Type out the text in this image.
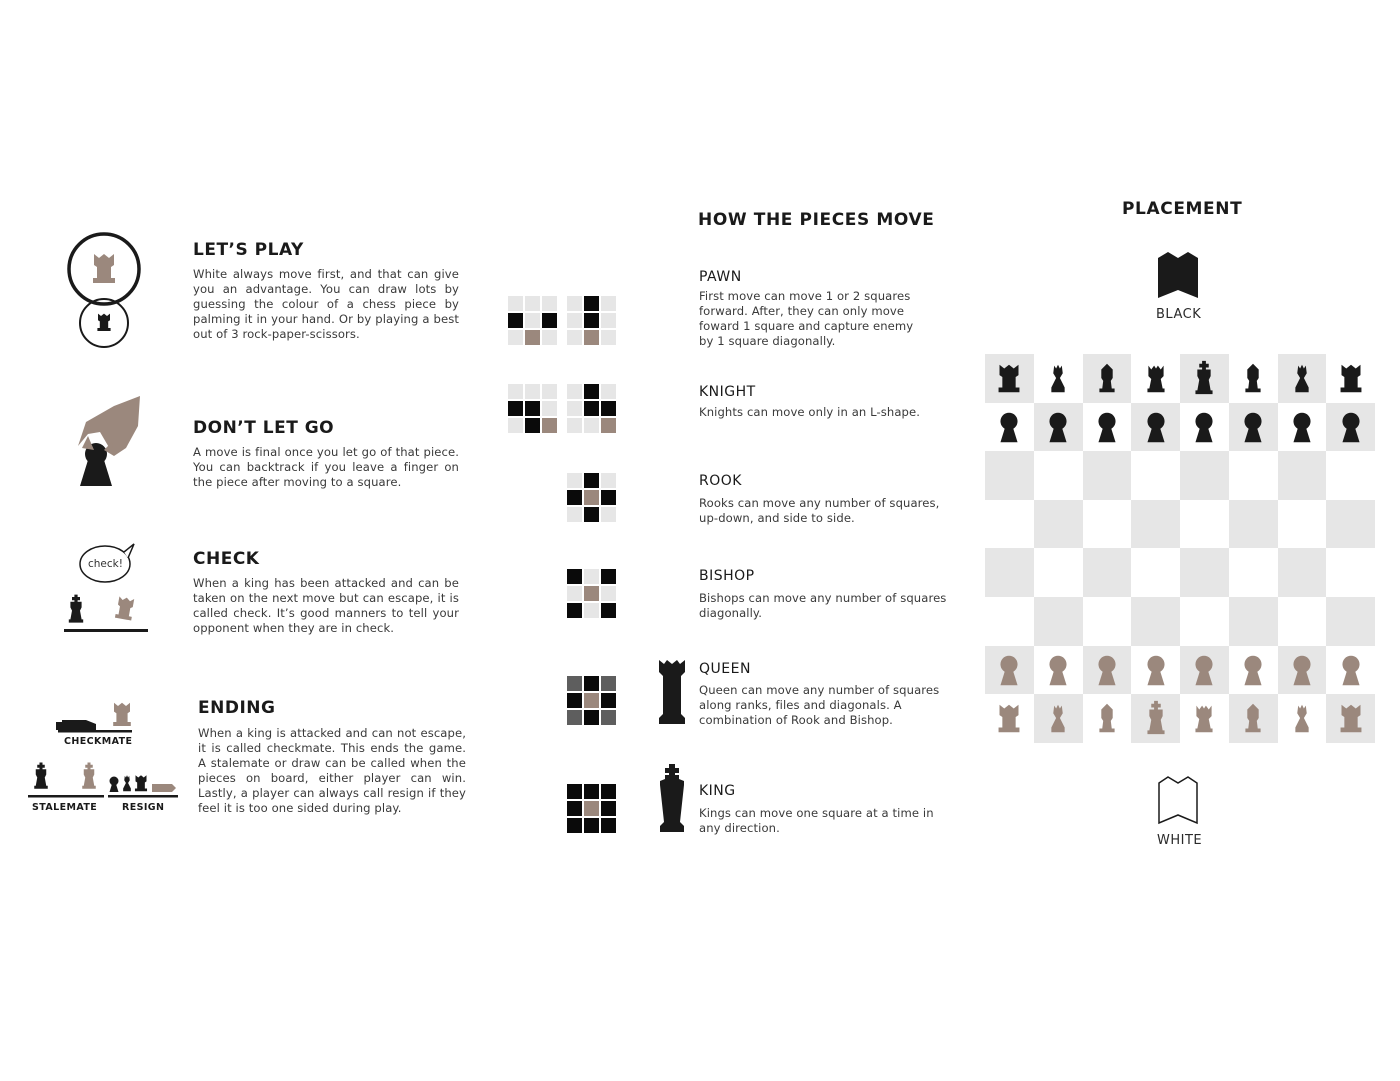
LET’S PLAY
White always move first, and that can give you an advantage. You can draw lots by guessing the colour of a chess piece by palming it in your hand. Or by playing a best out of 3 rock-paper-scissors.
DON’T LET GO
A move is final once you let go of that piece. You can backtrack if you leave a finger on the piece after moving to a square.
check!	CHECK
When a king has been attacked and can be taken on the next move but can escape, it is called check. It’s good manners to tell your opponent when they are in check.
CHECKMATE
STALEMATE	RESIGN
ENDING
When a king is attacked and can not escape, it is called checkmate. This ends the game. A stalemate or draw can be called when the pieces on board, either player can win. Lastly, a player can always call resign if they feel it is too one sided during play.
HOW THE PIECES MOVE
PAWN
First move can move 1 or 2 squares forward. After, they can only move foward 1 square and capture enemy by 1 square diagonally.
KNIGHT
Knights can move only in an L-shape.
ROOK
Rooks can move any number of squares, up-down, and side to side.
BISHOP
Bishops can move any number of squares diagonally.
QUEEN
Queen can move any number of squares along ranks, files and diagonals. A combination of Rook and Bishop.
KING
Kings can move one square at a time in any direction.
PLACEMENT
BLACK
WHITE
